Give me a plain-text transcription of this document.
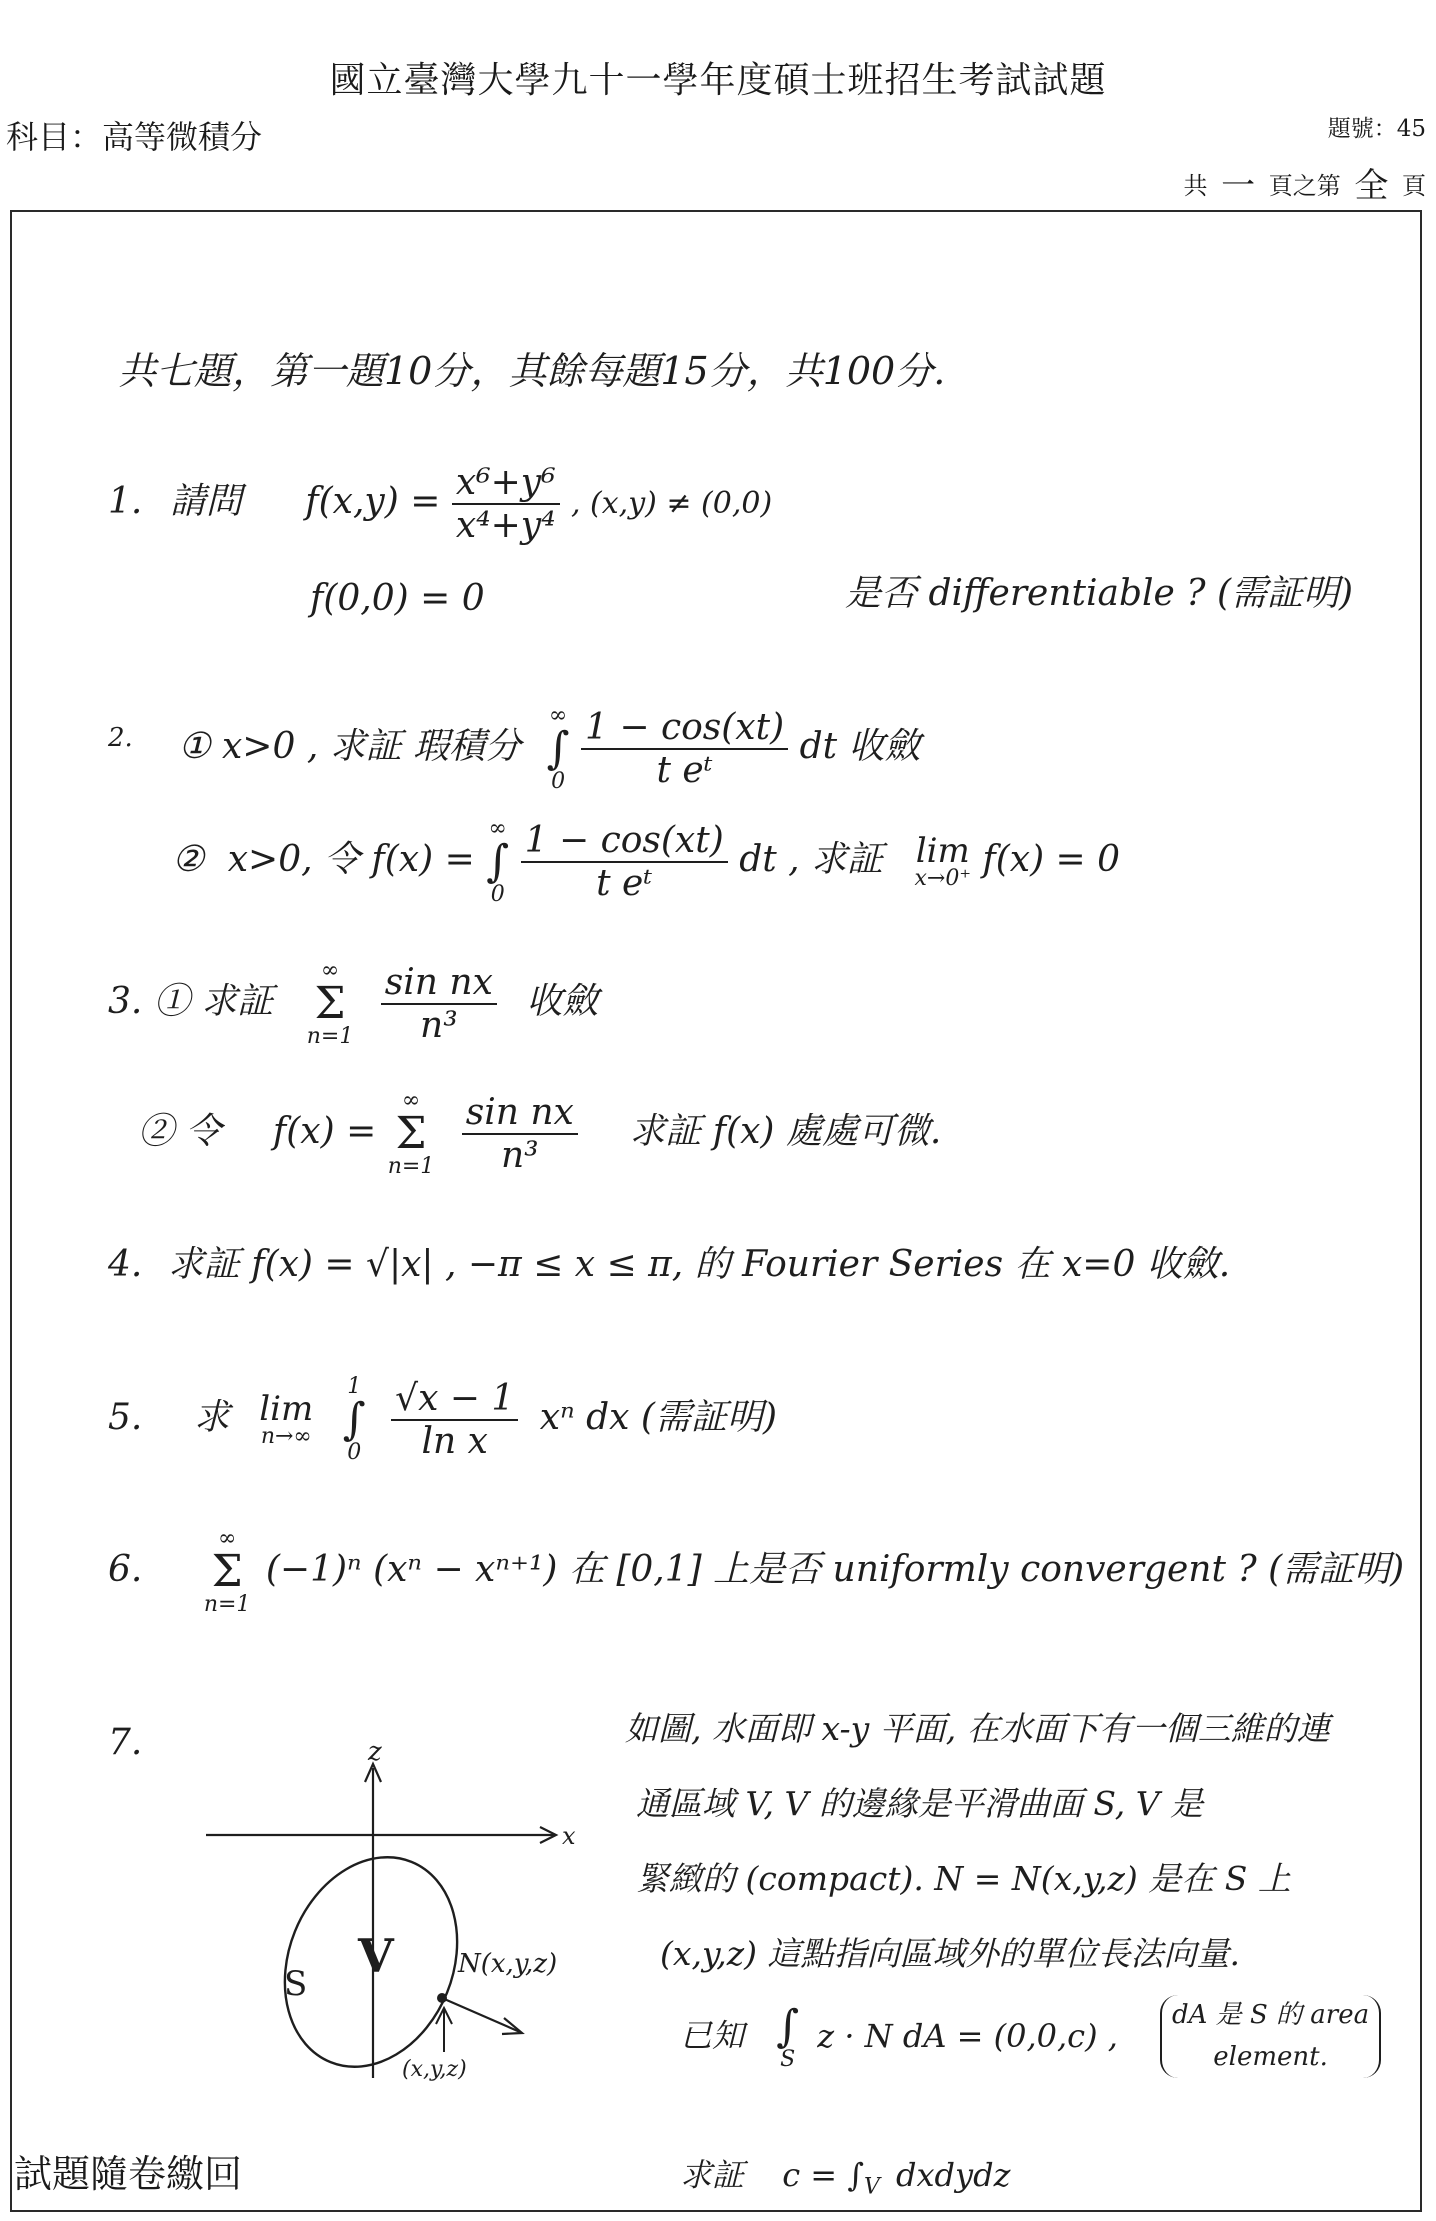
國立臺灣大學九十一學年度碩士班招生考試試題
科目：高等微積分	題號：45
共 一 頁之第 全 頁
共七題，第一題10分，其餘每題15分，共100分.
1. 請問 $f(x,y) = \frac{\text{x⁶+y⁶}}{\text{x⁴+y⁴}}$ , (x,y) ≠ (0,0)
f(0,0) = 0	是否 differentiable ? (需証明)
$^{2.}$ ① x>0 , 求証 瑕積分
∞
∫
0
$\frac{1 - \cos(xt)}{\text{t eᵗ}}$ dt 收斂
② x>0, 令 f(x) =
∞
∫
0
$\frac{1 - \cos(xt)}{\text{t eᵗ}}$ dt , 求証 lim
x→0⁺ f(x) = 0
3. ① 求証
∞
Σ
n=1
$\frac{\text{sin nx}}{\text{n³}}$ 收斂
② 令 f(x) =
∞
Σ
n=1
$\frac{\text{sin nx}}{\text{n³}}$ 求証 f(x) 處處可微.
4. 求証 f(x) = √|x| , −π ≤ x ≤ π, 的 Fourier Series 在 x=0 收斂.
5. 求 lim
n→∞

1
∫
0
$\frac{√x - 1}{\text{ln x}}$ xⁿ dx (需証明)
6.
∞
Σ
n=1
(−1)ⁿ (xⁿ − xⁿ⁺¹) 在 [0,1] 上是否 uniformly convergent ? (需証明)
7.	z
x
S
V N(x,y,z)
(x,y,z)
如圖, 水面即 x-y 平面, 在水面下有一個三維的連
通區域 V, V 的邊緣是平滑曲面 S, V 是
緊緻的 (compact). N = N(x,y,z) 是在 S 上
(x,y,z) 這點指向區域外的單位長法向量.
已知 ∫
S
z · N dA = (0,0,c) ,
dA 是 S 的 area
element.
求証 $c = \int_V$ dxdydz
試題隨卷繳回
